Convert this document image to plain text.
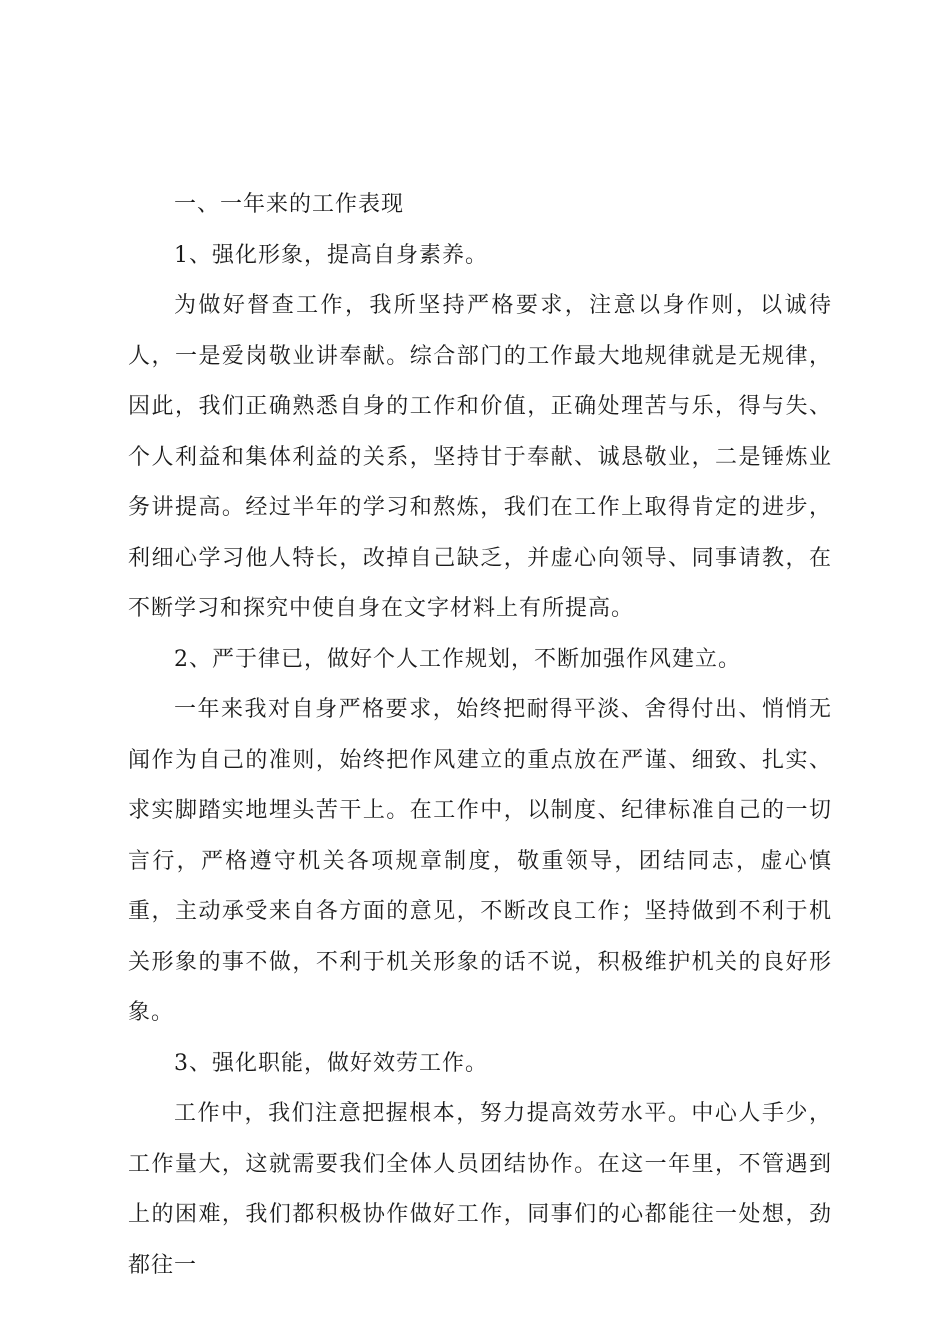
一、一年来的工作表现

1、强化形象，提高自身素养。

为做好督查工作，我所坚持严格要求，注意以身作则，以诚待人，一是爱岗敬业讲奉献。综合部门的工作最大地规律就是无规律，因此，我们正确熟悉自身的工作和价值，正确处理苦与乐，得与失、个人利益和集体利益的关系，坚持甘于奉献、诚恳敬业，二是锤炼业务讲提高。经过半年的学习和熬炼，我们在工作上取得肯定的进步，利细心学习他人特长，改掉自己缺乏，并虚心向领导、同事请教，在不断学习和探究中使自身在文字材料上有所提高。

2、严于律已，做好个人工作规划，不断加强作风建立。

一年来我对自身严格要求，始终把耐得平淡、舍得付出、悄悄无闻作为自己的准则，始终把作风建立的重点放在严谨、细致、扎实、求实脚踏实地埋头苦干上。在工作中，以制度、纪律标准自己的一切言行，严格遵守机关各项规章制度，敬重领导，团结同志，虚心慎重，主动承受来自各方面的意见，不断改良工作；坚持做到不利于机关形象的事不做，不利于机关形象的话不说，积极维护机关的良好形象。

3、强化职能，做好效劳工作。

工作中，我们注意把握根本，努力提高效劳水平。中心人手少，工作量大，这就需要我们全体人员团结协作。在这一年里，不管遇到上的困难，我们都积极协作做好工作，同事们的心都能往一处想，劲都往一
